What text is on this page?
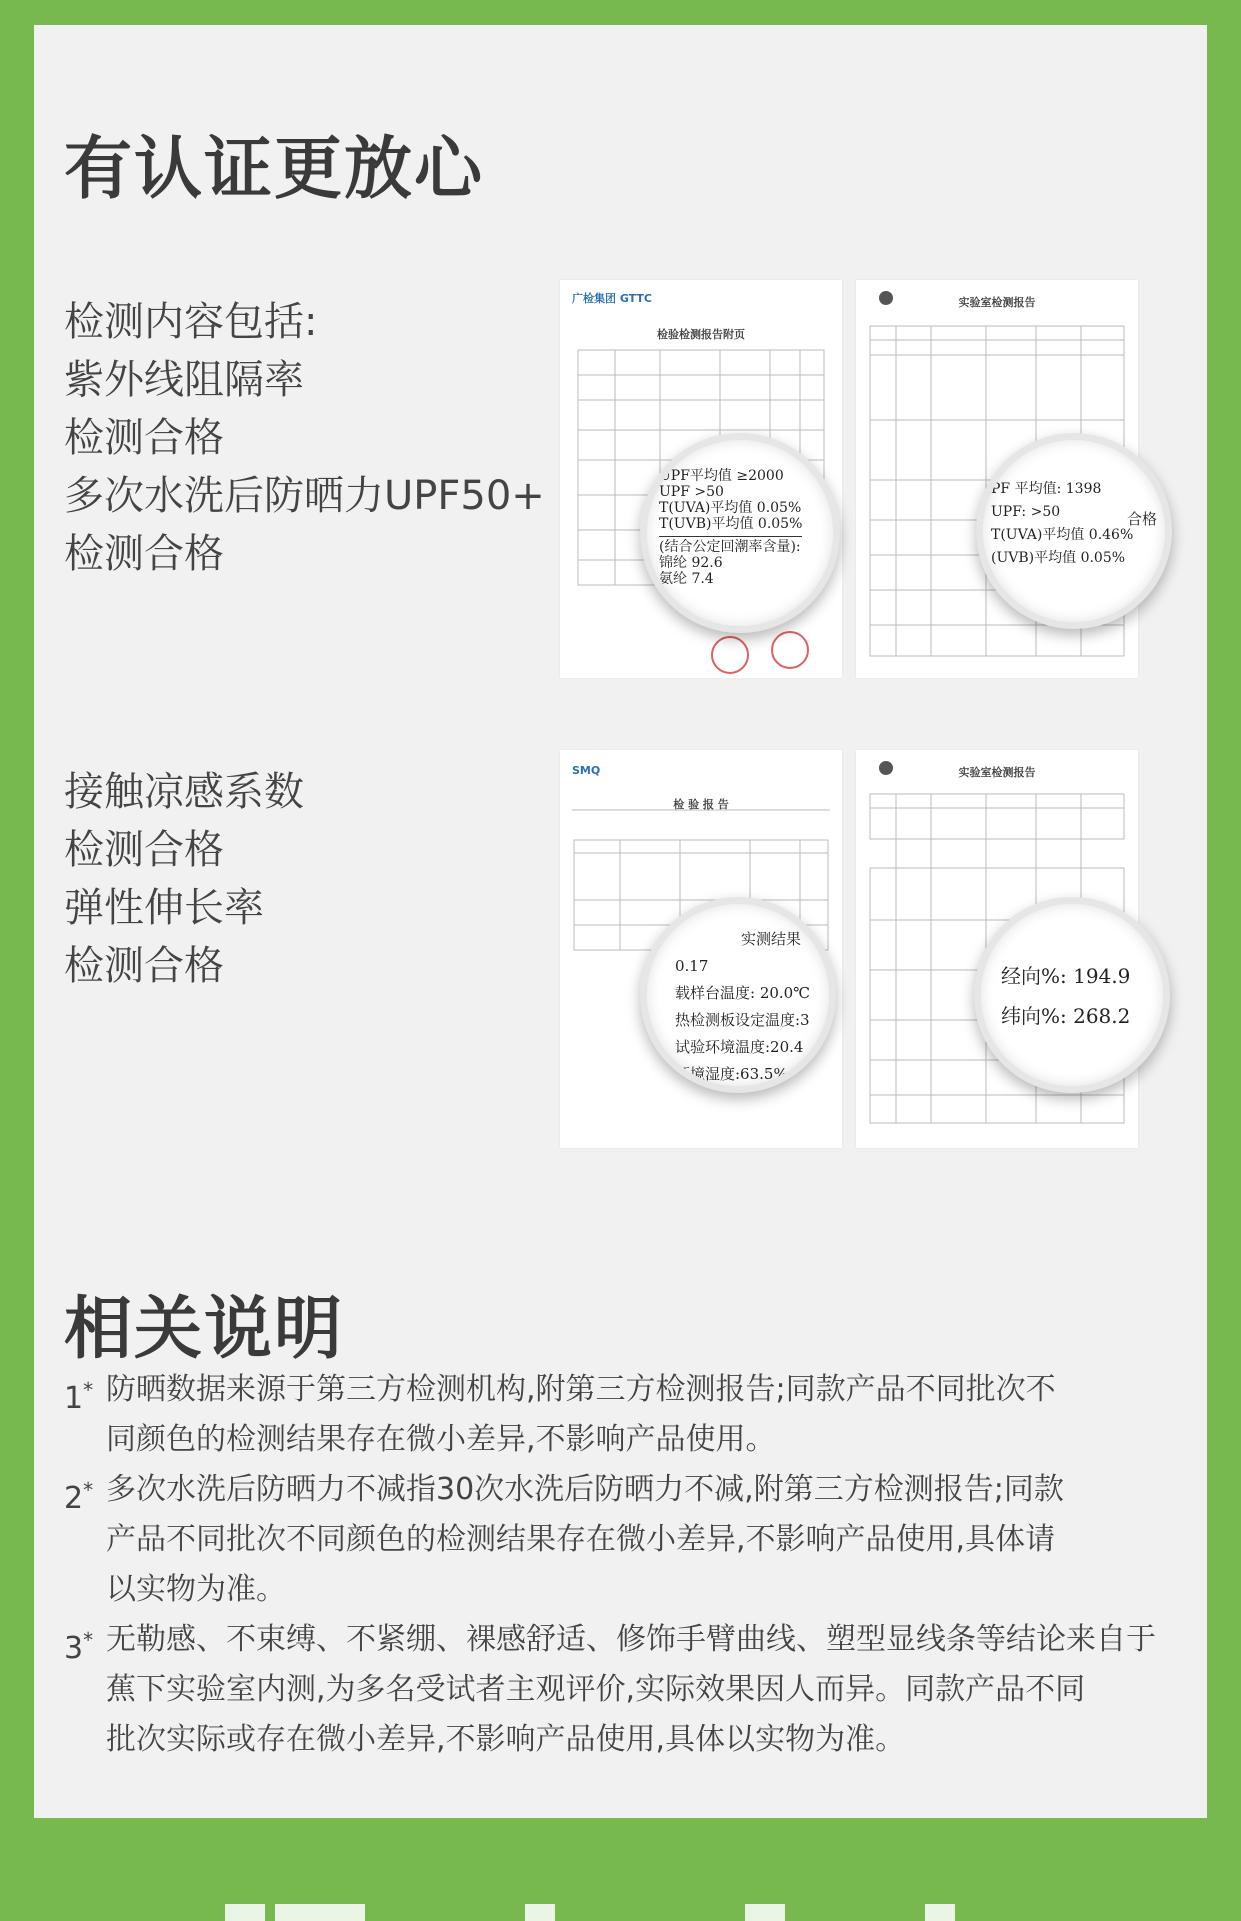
有认证更放心
检测内容包括:
紫外线阻隔率
检测合格
多次水洗后防晒力UPF50+
检测合格
接触凉感系数
检测合格
弹性伸长率
检测合格
广检集团 GTTC
检验检测报告附页
UPF平均值 ≥2000
UPF >50
T(UVA)平均值 0.05%
T(UVB)平均值 0.05%
(结合公定回潮率含量):
锦纶 92.6
氨纶 7.4
实验室检测报告
PF 平均值: 1398
UPF: >50
T(UVA)平均值 0.46%
(UVB)平均值 0.05%
合格
SMQ
检 验 报 告
实测结果
0.17
载样台温度: 20.0℃
热检测板设定温度:3
试验环境温度:20.4
环境湿度:63.5%
实验室检测报告
经向%: 194.9
纬向%: 268.2
相关说明
1* 防晒数据来源于第三方检测机构,附第三方检测报告;同款产品不同批次不
同颜色的检测结果存在微小差异,不影响产品使用。
2* 多次水洗后防晒力不减指30次水洗后防晒力不减,附第三方检测报告;同款
产品不同批次不同颜色的检测结果存在微小差异,不影响产品使用,具体请
以实物为准。
3* 无勒感、不束缚、不紧绷、裸感舒适、修饰手臂曲线、塑型显线条等结论来自于
蕉下实验室内测,为多名受试者主观评价,实际效果因人而异。同款产品不同
批次实际或存在微小差异,不影响产品使用,具体以实物为准。
